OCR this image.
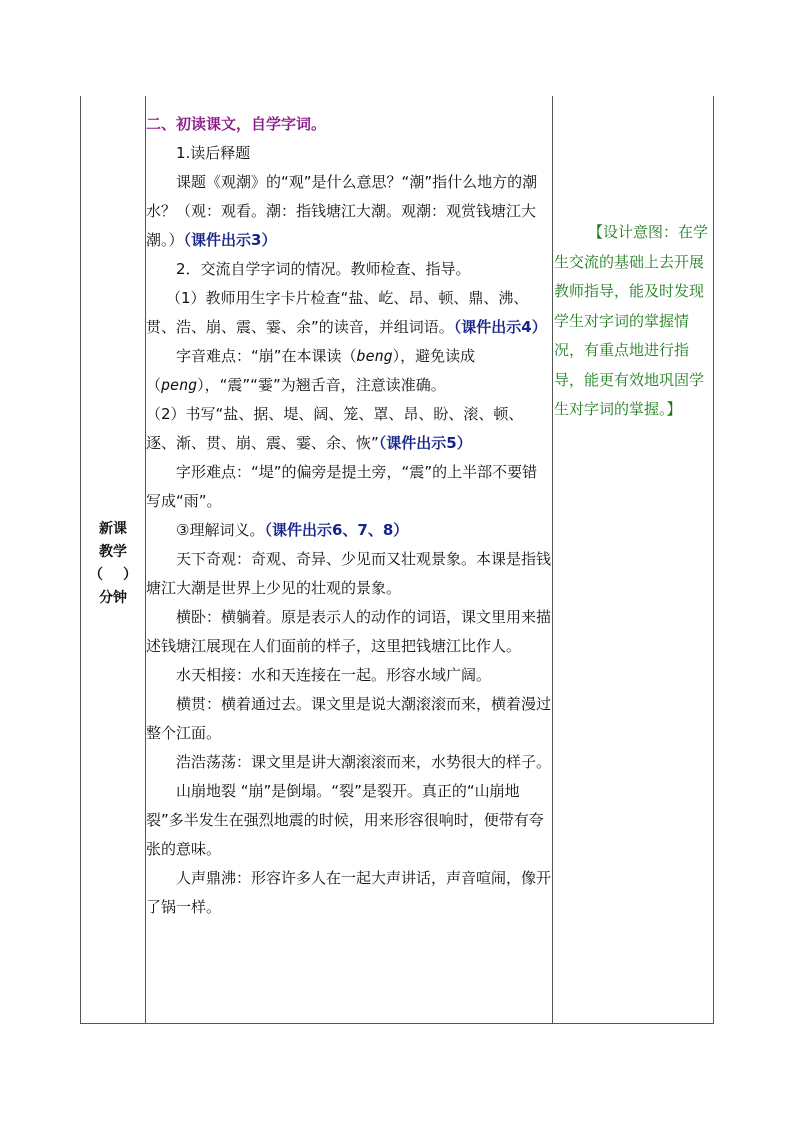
新课
教学
（ ）
分钟

二、初读课文，自学字词。

1.读后释题

课题《观潮》的“观”是什么意思？“潮”指什么地方的潮水？（观：观看。潮：指钱塘江大潮。观潮：观赏钱塘江大潮。）（课件出示3）

2．交流自学字词的情况。教师检查、指导。

（1）教师用生字卡片检查“盐、屹、昂、顿、鼎、沸、贯、浩、崩、震、霎、余”的读音，并组词语。（课件出示4）

字音难点：“崩”在本课读（beng），避免读成（peng），“震”“霎”为翘舌音，注意读准确。

（2）书写“盐、据、堤、阔、笼、罩、昂、盼、滚、顿、逐、渐、贯、崩、震、霎、余、恢”（课件出示5）

字形难点：“堤”的偏旁是提土旁，“震”的上半部不要错写成“雨”。

③理解词义。（课件出示6、7、8）

天下奇观：奇观、奇异、少见而又壮观景象。本课是指钱塘江大潮是世界上少见的壮观的景象。

横卧：横躺着。原是表示人的动作的词语，课文里用来描述钱塘江展现在人们面前的样子，这里把钱塘江比作人。

水天相接：水和天连接在一起。形容水域广阔。

横贯：横着通过去。课文里是说大潮滚滚而来，横着漫过整个江面。

浩浩荡荡：课文里是讲大潮滚滚而来，水势很大的样子。

山崩地裂 “崩”是倒塌。“裂”是裂开。真正的“山崩地裂”多半发生在强烈地震的时候，用来形容很响时，便带有夸张的意味。

人声鼎沸：形容许多人在一起大声讲话，声音喧闹，像开了锅一样。

【设计意图：在学生交流的基础上去开展教师指导，能及时发现学生对字词的掌握情况，有重点地进行指导，能更有效地巩固学生对字词的掌握。】
